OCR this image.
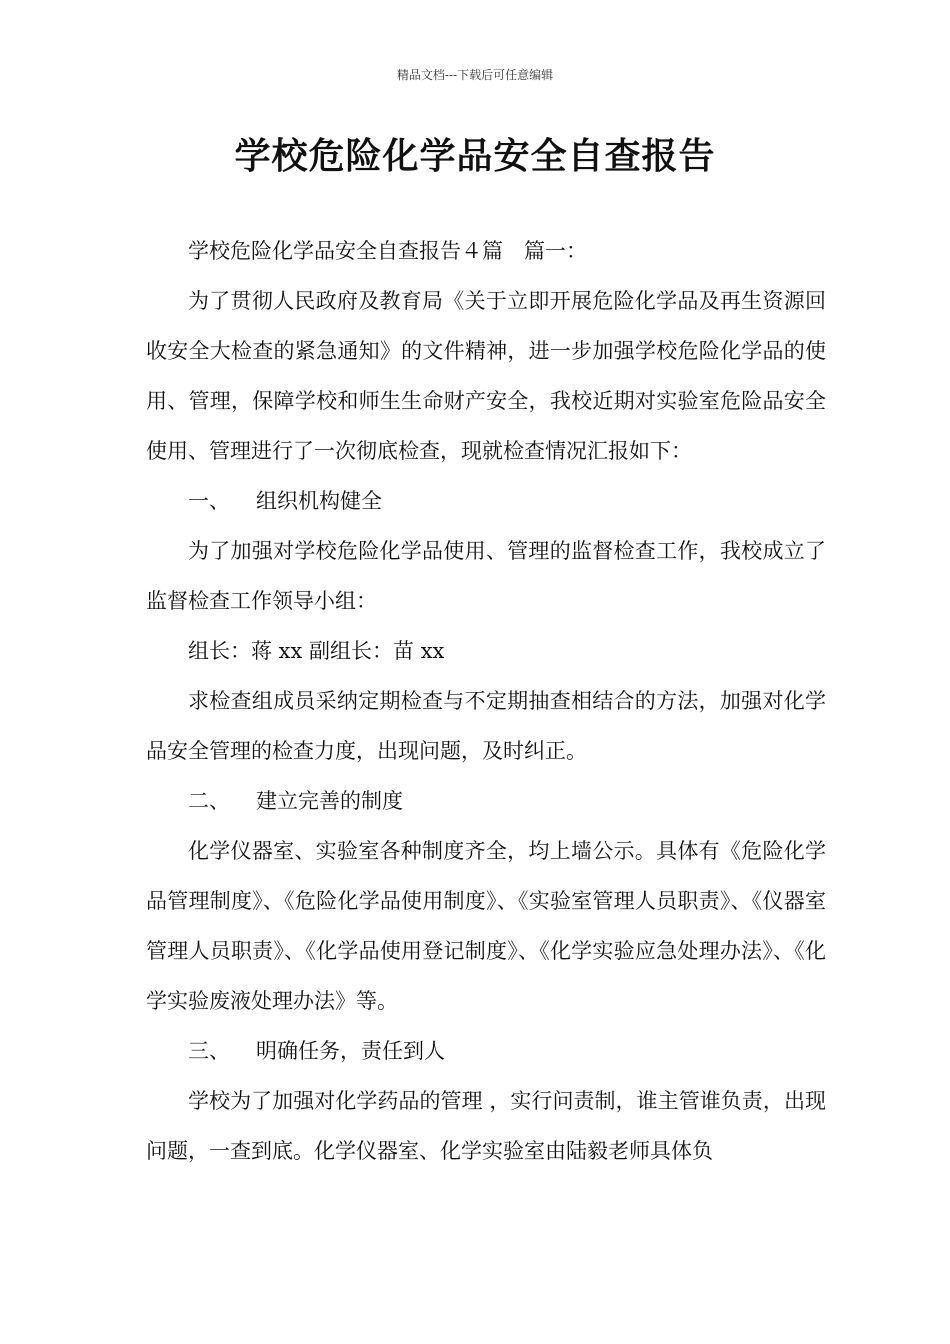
精品文档---下载后可任意编辑
学校危险化学品安全自查报告

学校危险化学品安全自查报告４篇　篇一：

为了贯彻人民政府及教育局《关于立即开展危险化学品及再生资源回收安全大检查的紧急通知》的文件精神，进一步加强学校危险化学品的使用、管理，保障学校和师生生命财产安全，我校近期对实验室危险品安全使用、管理进行了一次彻底检查，现就检查情况汇报如下：

一、 组织机构健全

为了加强对学校危险化学品使用、管理的监督检查工作，我校成立了监督检查工作领导小组：

组长：蒋 xx 副组长：苗 xx

求检查组成员采纳定期检查与不定期抽查相结合的方法，加强对化学品安全管理的检查力度，出现问题，及时纠正。

二、 建立完善的制度

化学仪器室、实验室各种制度齐全，均上墙公示。具体有《危险化学品管理制度》、《危险化学品使用制度》、《实验室管理人员职责》、《仪器室管理人员职责》、《化学品使用登记制度》、《化学实验应急处理办法》、《化学实验废液处理办法》等。

三、 明确任务，责任到人

学校为了加强对化学药品的管理 ，实行问责制，谁主管谁负责，出现问题，一查到底。化学仪器室、化学实验室由陆毅老师具体负
